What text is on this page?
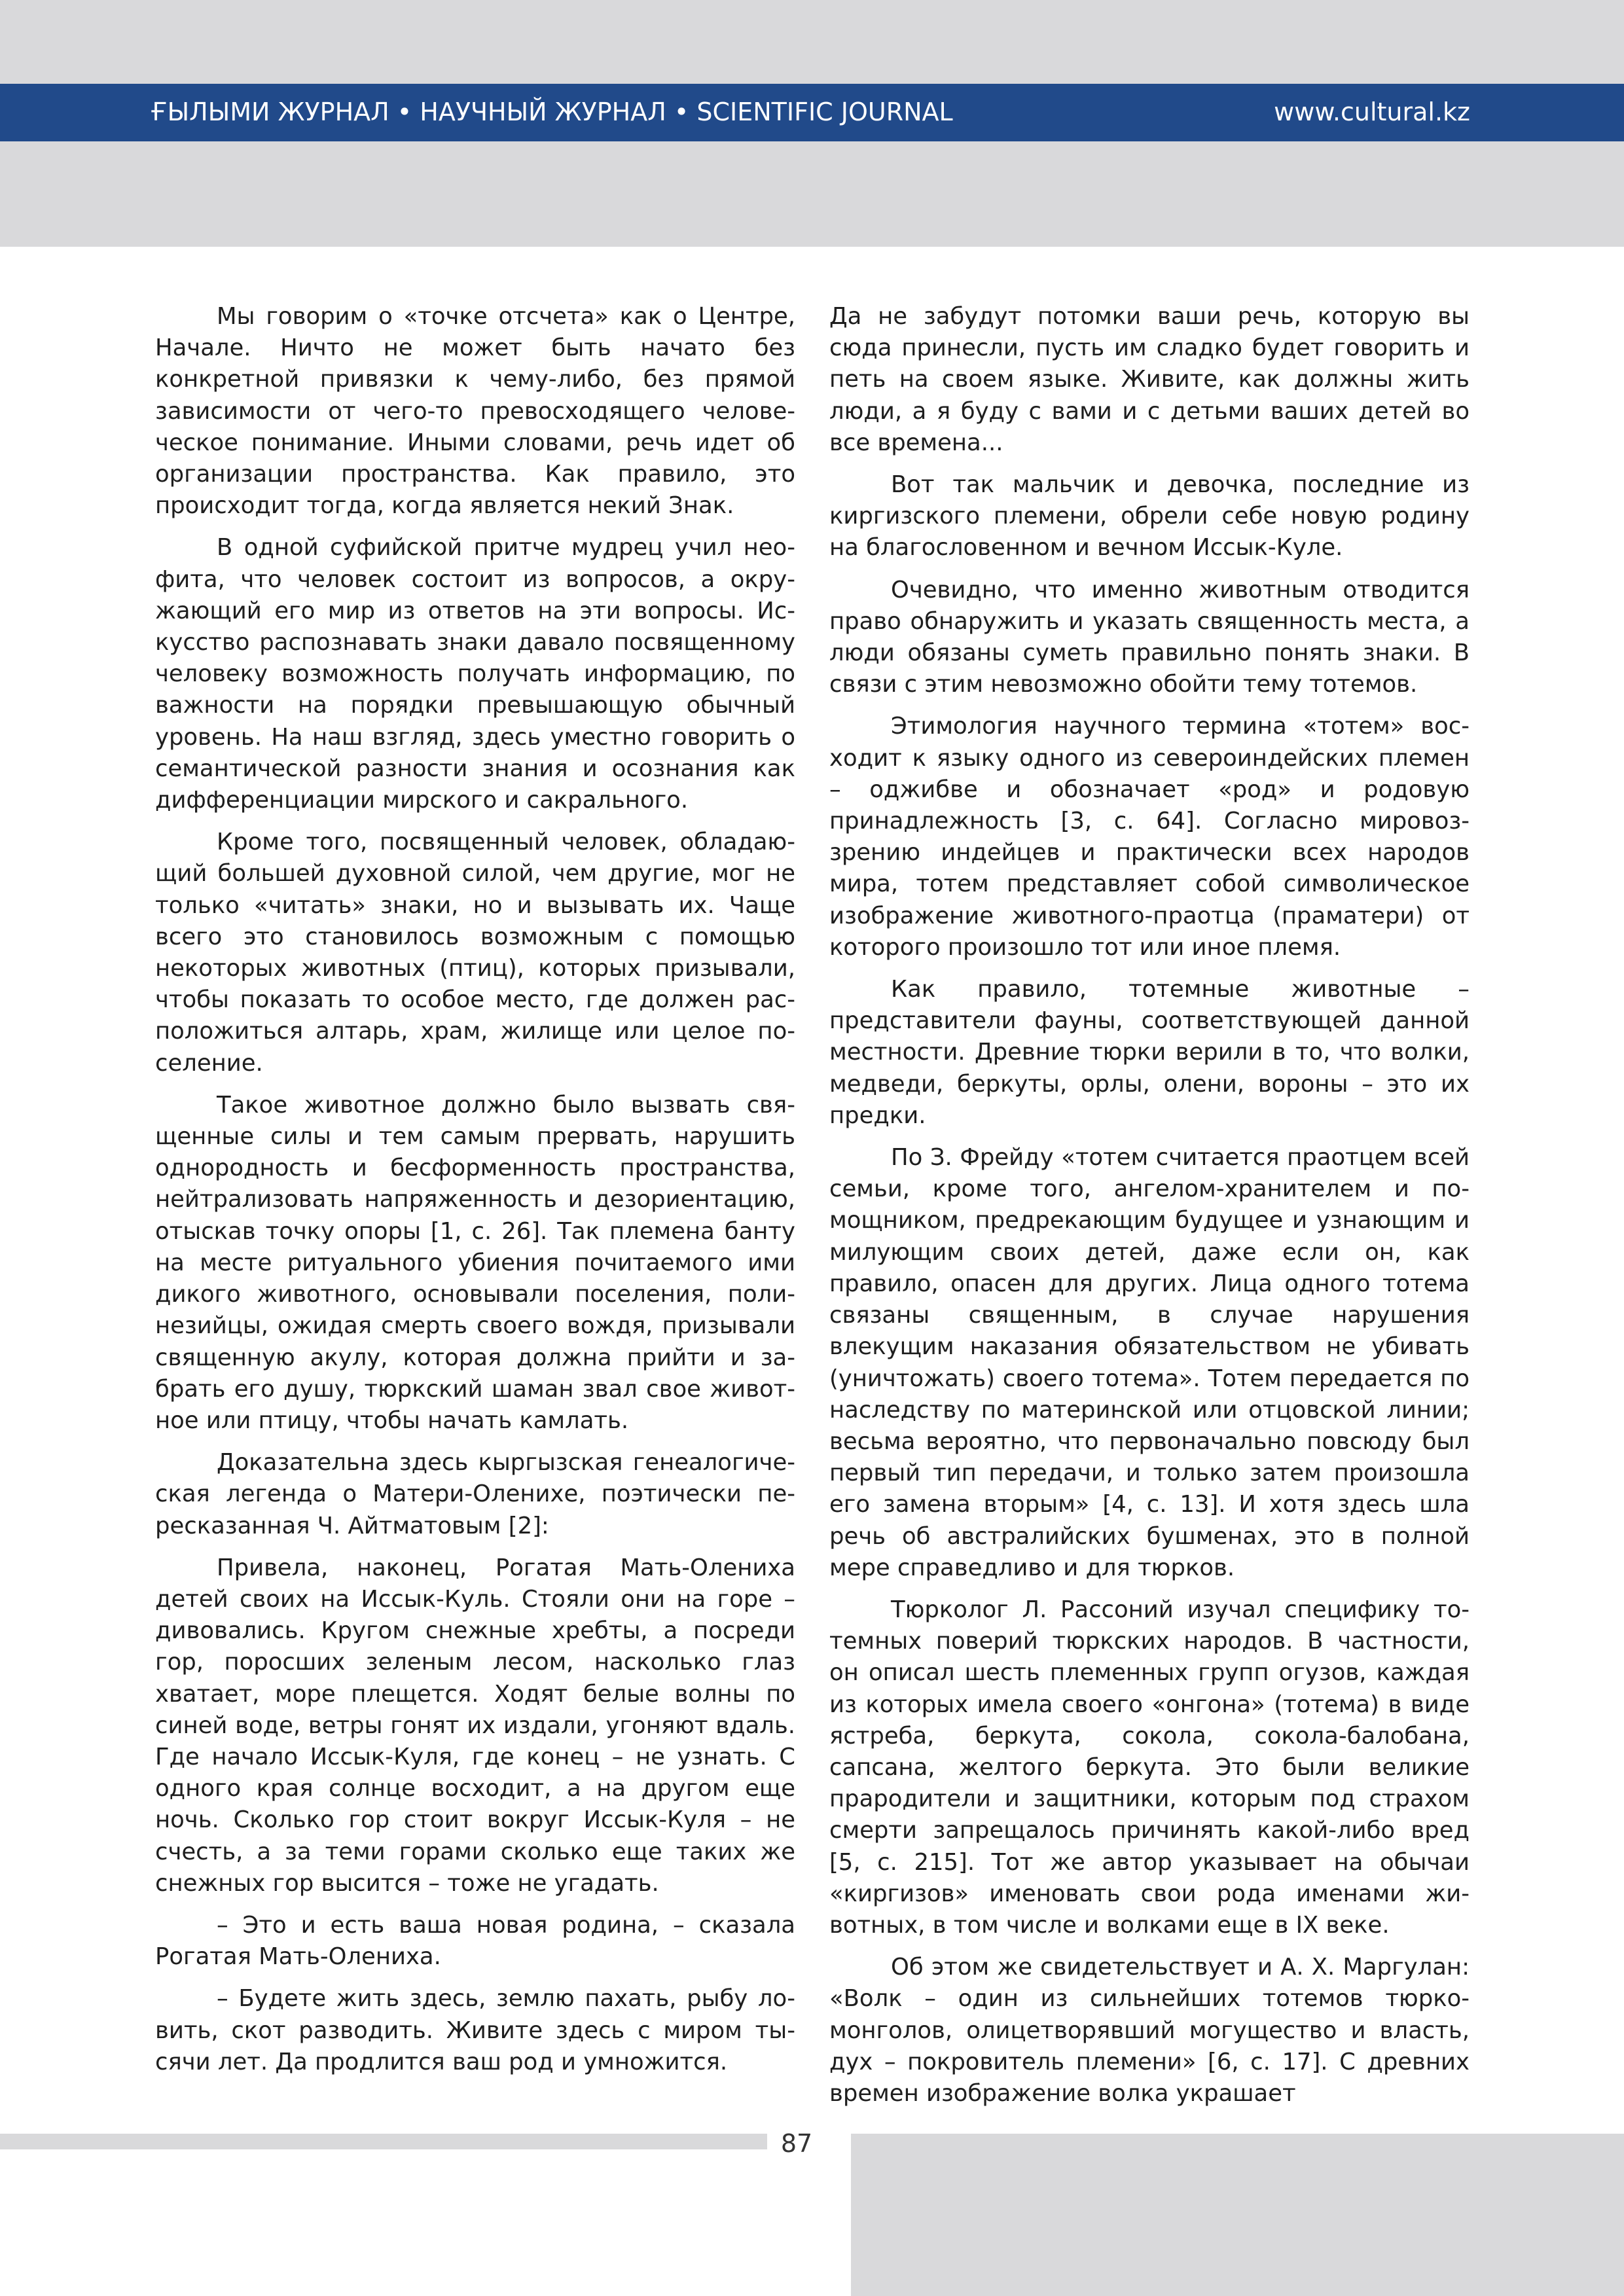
ҒЫЛЫМИ ЖУРНАЛ • НАУЧНЫЙ ЖУРНАЛ • SCIENTIFIC JOURNAL	www.cultural.kz

Мы говорим о «точке отсчета» как о Центре, Начале. Ничто не может быть начато без конкретной привязки к чему-либо, без прямой зависимости от чего-то превосходящего человеческое понимание. Иными словами, речь идет об организации пространства. Как правило, это происходит тогда, когда является некий Знак.

В одной суфийской притче мудрец учил неофита, что человек состоит из вопросов, а окружающий его мир из ответов на эти вопросы. Искусство распознавать знаки давало посвященному человеку возможность получать информацию, по важности на порядки превышающую обычный уровень. На наш взгляд, здесь уместно говорить о семантической разности знания и осознания как дифференциации мирского и сакрального.

Кроме того, посвященный человек, обладающий большей духовной силой, чем другие, мог не только «читать» знаки, но и вызывать их. Чаще всего это становилось возможным с помощью некоторых животных (птиц), которых призывали, чтобы показать то особое место, где должен расположиться алтарь, храм, жилище или целое поселение.

Такое животное должно было вызвать священные силы и тем самым прервать, нарушить однородность и бесформенность пространства, нейтрализовать напряженность и дезориентацию, отыскав точку опоры [1, с. 26]. Так племена банту на месте ритуального убиения почитаемого ими дикого животного, основывали поселения, полинезийцы, ожидая смерть своего вождя, призывали священную акулу, которая должна прийти и забрать его душу, тюркский шаман звал свое животное или птицу, чтобы начать камлать.

Доказательна здесь кыргызская генеалогическая легенда о Матери-Оленихе, поэтически пересказанная Ч. Айтматовым [2]:

Привела, наконец, Рогатая Мать-Олениха детей своих на Иссык-Куль. Стояли они на горе – дивовались. Кругом снежные хребты, а посреди гор, поросших зеленым лесом, насколько глаз хватает, море плещется. Ходят белые волны по синей воде, ветры гонят их издали, угоняют вдаль. Где начало Иссык-Куля, где конец – не узнать. С одного края солнце восходит, а на другом еще ночь. Сколько гор стоит вокруг Иссык-Куля – не счесть, а за теми горами сколько еще таких же снежных гор высится – тоже не угадать.

– Это и есть ваша новая родина, – сказала Рогатая Мать-Олениха.

– Будете жить здесь, землю пахать, рыбу ловить, скот разводить. Живите здесь с миром тысячи лет. Да продлится ваш род и умножится.

Да не забудут потомки ваши речь, которую вы сюда принесли, пусть им сладко будет говорить и петь на своем языке. Живите, как должны жить люди, а я буду с вами и с детьми ваших детей во все времена...

Вот так мальчик и девочка, последние из киргизского племени, обрели себе новую родину на благословенном и вечном Иссык-Куле.

Очевидно, что именно животным отводится право обнаружить и указать священность места, а люди обязаны суметь правильно понять знаки. В связи с этим невозможно обойти тему тотемов.

Этимология научного термина «тотем» восходит к языку одного из североиндейских племен – оджибве и обозначает «род» и родовую принадлежность [3, с. 64]. Согласно мировоззрению индейцев и практически всех народов мира, тотем представляет собой символическое изображение животного-праотца (праматери) от которого произошло тот или иное племя.

Как правило, тотемные животные – представители фауны, соответствующей данной местности. Древние тюрки верили в то, что волки, медведи, беркуты, орлы, олени, вороны – это их предки.

По З. Фрейду «тотем считается праотцем всей семьи, кроме того, ангелом-хранителем и помощником, предрекающим будущее и узнающим и милующим своих детей, даже если он, как правило, опасен для других. Лица одного тотема связаны священным, в случае нарушения влекущим наказания обязательством не убивать (уничтожать) своего тотема». Тотем передается по наследству по материнской или отцовской линии; весьма вероятно, что первоначально повсюду был первый тип передачи, и только затем произошла его замена вторым» [4, с. 13]. И хотя здесь шла речь об австралийских бушменах, это в полной мере справедливо и для тюрков.

Тюрколог Л. Рассоний изучал специфику тотемных поверий тюркских народов. В частности, он описал шесть племенных групп огузов, каждая из которых имела своего «онгона» (тотема) в виде ястреба, беркута, сокола, сокола-балобана, сапсана, желтого беркута. Это были великие прародители и защитники, которым под страхом смерти запрещалось причинять какой-либо вред [5, с. 215]. Тот же автор указывает на обычаи «киргизов» именовать свои рода именами животных, в том числе и волками еще в IX веке.

Об этом же свидетельствует и А. Х. Маргулан: «Волк – один из сильнейших тотемов тюрко-монголов, олицетворявший могущество и власть, дух – покровитель племени» [6, с. 17]. С древних времен изображение волка украшает

87
